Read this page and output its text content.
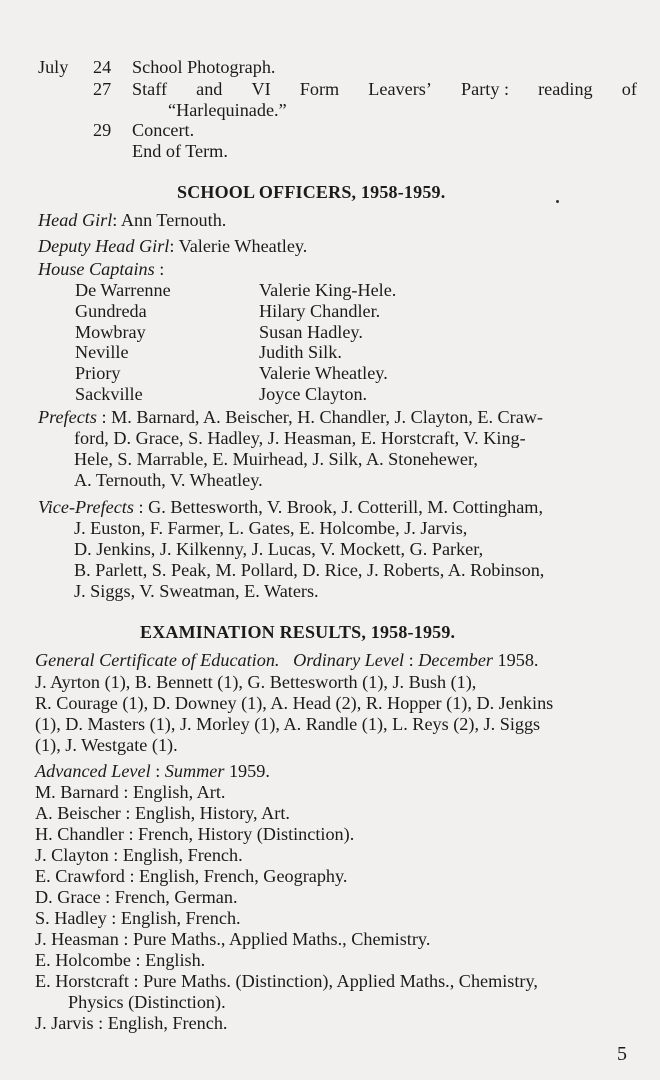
July 24 School Photograph.
27 Staff and VI Form Leavers’ Party : reading of
“Harlequinade.”
29 Concert.
End of Term.
SCHOOL OFFICERS, 1958-1959.
Head Girl: Ann Ternouth.
Deputy Head Girl: Valerie Wheatley.
House Captains :
De Warrenne	Valerie King-Hele.
Gundreda	Hilary Chandler.
Mowbray	Susan Hadley.
Neville	Judith Silk.
Priory	Valerie Wheatley.
Sackville	Joyce Clayton.
Prefects : M. Barnard, A. Beischer, H. Chandler, J. Clayton, E. Craw-
ford, D. Grace, S. Hadley, J. Heasman, E. Horstcraft, V. King-
Hele, S. Marrable, E. Muirhead, J. Silk, A. Stonehewer,
A. Ternouth, V. Wheatley.
Vice-Prefects : G. Bettesworth, V. Brook, J. Cotterill, M. Cottingham,
J. Euston, F. Farmer, L. Gates, E. Holcombe, J. Jarvis,
D. Jenkins, J. Kilkenny, J. Lucas, V. Mockett, G. Parker,
B. Parlett, S. Peak, M. Pollard, D. Rice, J. Roberts, A. Robinson,
J. Siggs, V. Sweatman, E. Waters.
EXAMINATION RESULTS, 1958-1959.
General Certificate of Education. Ordinary Level : December 1958.
J. Ayrton (1), B. Bennett (1), G. Bettesworth (1), J. Bush (1),
R. Courage (1), D. Downey (1), A. Head (2), R. Hopper (1), D. Jenkins
(1), D. Masters (1), J. Morley (1), A. Randle (1), L. Reys (2), J. Siggs
(1), J. Westgate (1).
Advanced Level : Summer 1959.
M. Barnard : English, Art.
A. Beischer : English, History, Art.
H. Chandler : French, History (Distinction).
J. Clayton : English, French.
E. Crawford : English, French, Geography.
D. Grace : French, German.
S. Hadley : English, French.
J. Heasman : Pure Maths., Applied Maths., Chemistry.
E. Holcombe : English.
E. Horstcraft : Pure Maths. (Distinction), Applied Maths., Chemistry,
Physics (Distinction).
J. Jarvis : English, French.
5
